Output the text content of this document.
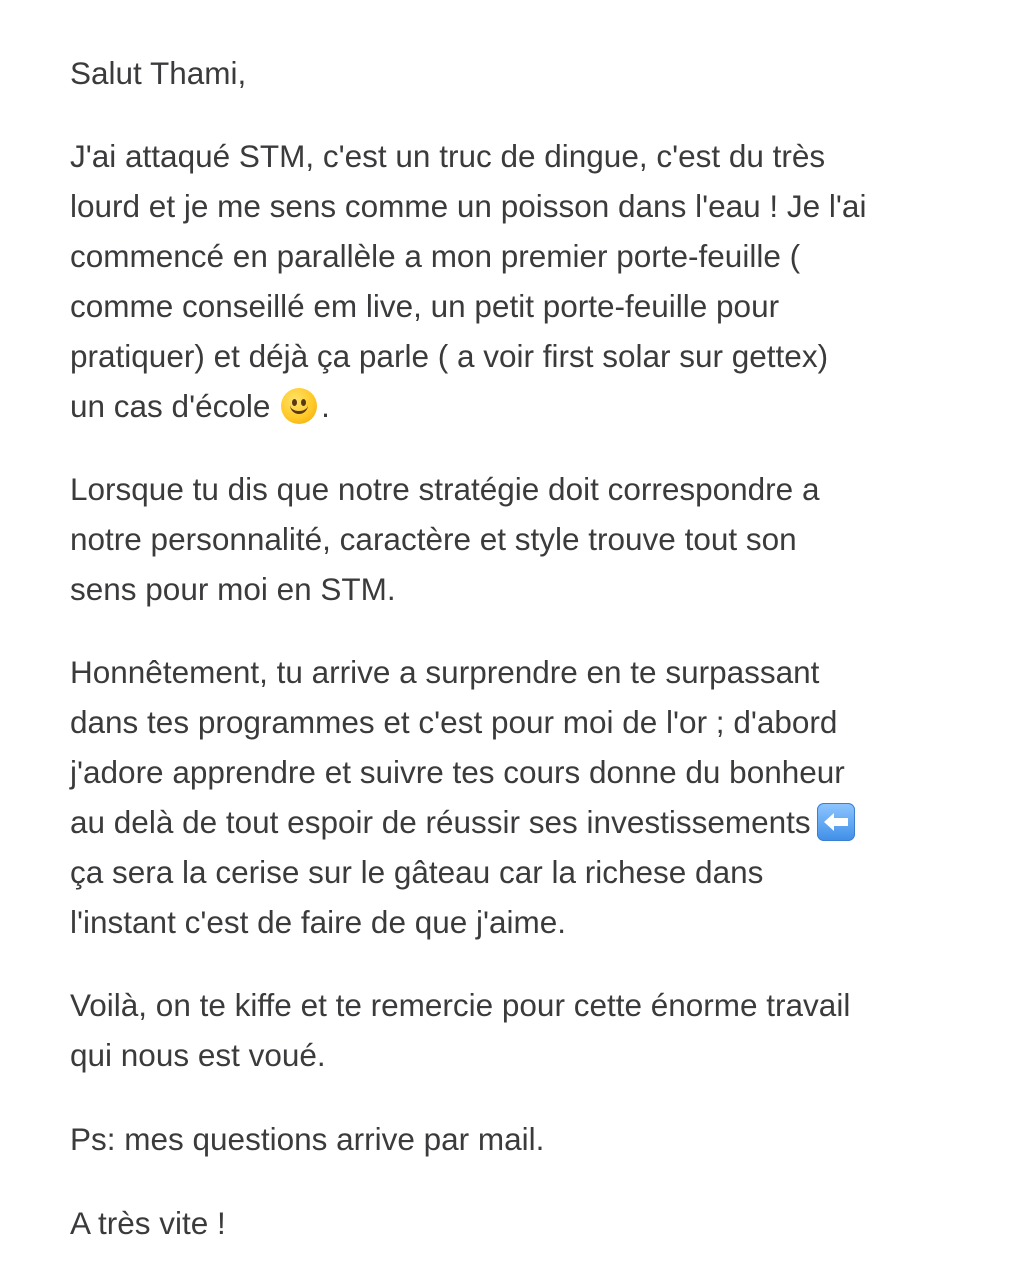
Salut Thami,

J'ai attaqué STM, c'est un truc de dingue, c'est du très
lourd et je me sens comme un poisson dans l'eau ! Je l'ai
commencé en parallèle a mon premier porte-feuille (
comme conseillé em live, un petit porte-feuille pour
pratiquer) et déjà ça parle ( a voir first solar sur gettex)
un cas d'école .

Lorsque tu dis que notre stratégie doit correspondre a
notre personnalité, caractère et style trouve tout son
sens pour moi en STM.

Honnêtement, tu arrive a surprendre en te surpassant
dans tes programmes et c'est pour moi de l'or ; d'abord
j'adore apprendre et suivre tes cours donne du bonheur
au delà de tout espoir de réussir ses investissements
ça sera la cerise sur le gâteau car la richese dans
l'instant c'est de faire de que j'aime.

Voilà, on te kiffe et te remercie pour cette énorme travail
qui nous est voué.

Ps: mes questions arrive par mail.

A très vite !
